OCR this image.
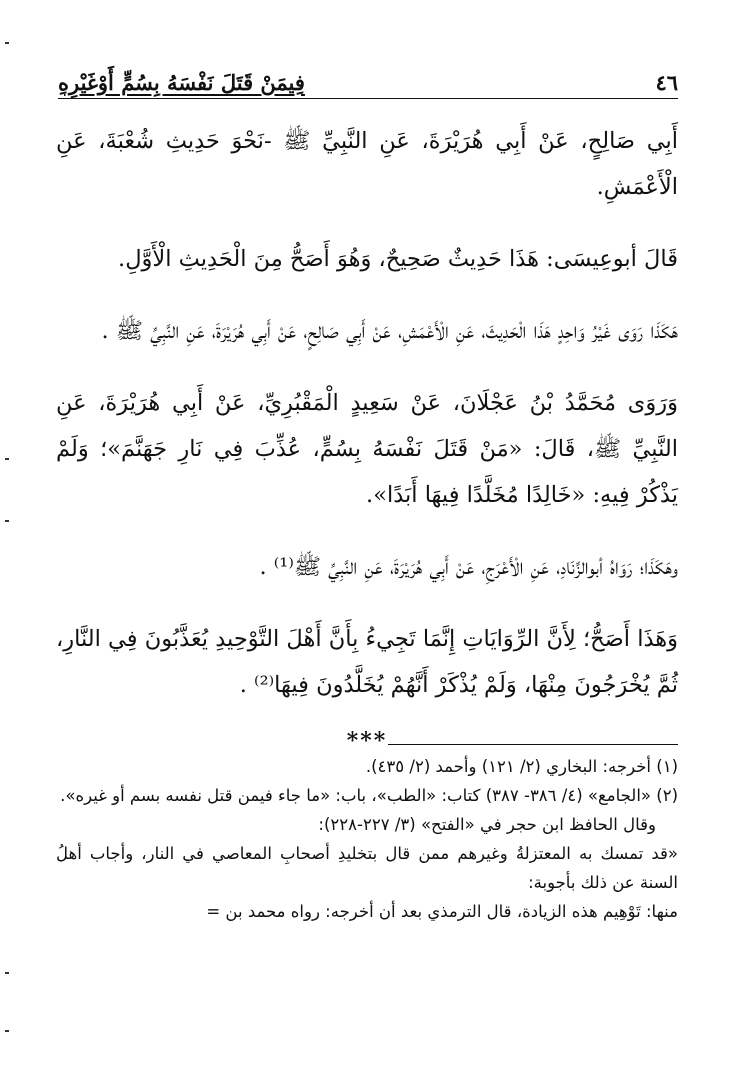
٤٦
فِيمَنْ قَتَلَ نَفْسَهُ بِسُمٍّ أَوْغَيْرِهِ

أَبِي صَالِحٍ، عَنْ أَبِي هُرَيْرَةَ، عَنِ النَّبِيِّ ﷺ -نَحْوَ حَدِيثِ شُعْبَةَ، عَنِ الْأَعْمَشِ.

قَالَ أبوعِيسَى: هَذَا حَدِيثٌ صَحِيحٌ، وَهُوَ أَصَحُّ مِنَ الْحَدِيثِ الْأَوَّلِ.

هَكَذَا رَوَى غَيْرُ وَاحِدٍ هَذَا الْحَدِيثَ، عَنِ الْأَعْمَشِ، عَنْ أَبِي صَالِحٍ، عَنْ أَبِي هُرَيْرَةَ، عَنِ النَّبِيِّ ﷺ .

وَرَوَى مُحَمَّدُ بْنُ عَجْلَانَ، عَنْ سَعِيدٍ الْمَقْبُرِيِّ، عَنْ أَبِي هُرَيْرَةَ، عَنِ النَّبِيِّ ﷺ، قَالَ: «مَنْ قَتَلَ نَفْسَهُ بِسُمٍّ، عُذِّبَ فِي نَارِ جَهَنَّمَ»؛ وَلَمْ يَذْكُرْ فِيهِ: «خَالِدًا مُخَلَّدًا فِيهَا أَبَدًا».

وهَكَذَا؛ رَوَاهُ أبوالزِّنَادِ، عَنِ الْأَعْرَجِ، عَنْ أَبِي هُرَيْرَةَ، عَنِ النَّبِيِّ ﷺ⁽¹⁾ .

وَهَذَا أَصَحُّ؛ لِأَنَّ الرِّوَايَاتِ إِنَّمَا تَجِيءُ بِأَنَّ أَهْلَ التَّوْحِيدِ يُعَذَّبُونَ فِي النَّارِ، ثُمَّ يُخْرَجُونَ مِنْهَا، وَلَمْ يُذْكَرْ أَنَّهُمْ يُخَلَّدُونَ فِيهَا⁽²⁾ .

***

(١) أخرجه: البخاري (٢/ ١٢١) وأحمد (٢/ ٤٣٥).

(٢) «الجامع» (٤/ ٣٨٦- ٣٨٧) كتاب: «الطب»، باب: «ما جاء فيمن قتل نفسه بسم أو غيره».

وقال الحافظ ابن حجر في «الفتح» (٣/ ٢٢٧-٢٢٨):

«قد تمسك به المعتزلةُ وغيرهم ممن قال بتخليدِ أصحابِ المعاصي في النار، وأجاب أهلُ السنة عن ذلك بأجوبة:

منها: تَوْهِيم هذه الزيادة، قال الترمذي بعد أن أخرجه: رواه محمد بن =
